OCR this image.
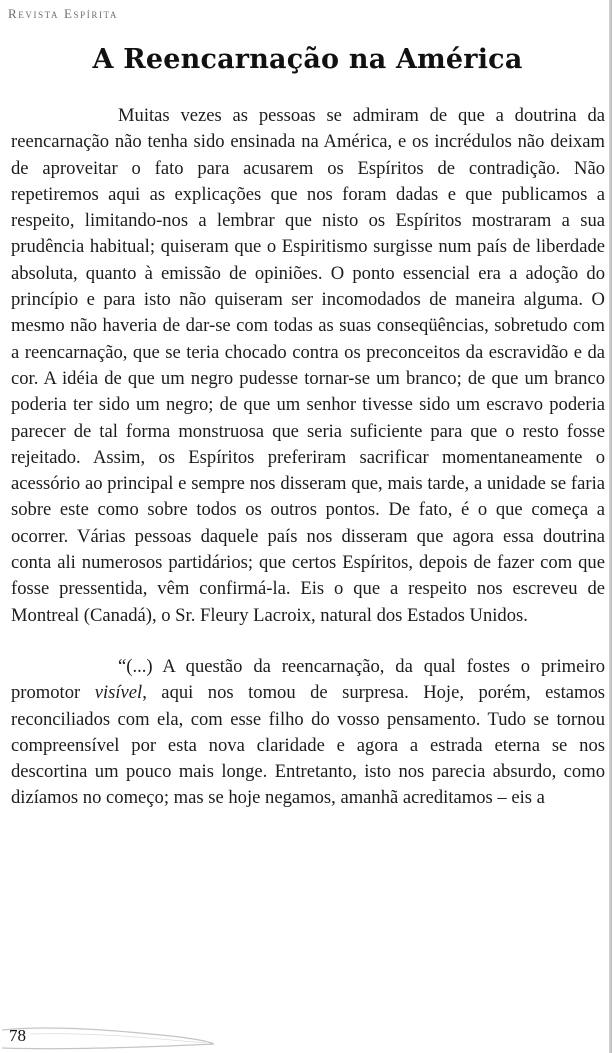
Revista Espírita
A Reencarnação na América

Muitas vezes as pessoas se admiram de que a doutrina da reencarnação não tenha sido ensinada na América, e os incrédulos não deixam de aproveitar o fato para acusarem os Espíritos de contradição. Não repetiremos aqui as explicações que nos foram dadas e que publicamos a respeito, limitando-nos a lembrar que nisto os Espíritos mostraram a sua prudência habitual; quiseram que o Espiritismo surgisse num país de liberdade absoluta, quanto à emissão de opiniões. O ponto essencial era a adoção do princípio e para isto não quiseram ser incomodados de maneira alguma. O mesmo não haveria de dar-se com todas as suas conseqüências, sobretudo com a reencarnação, que se teria chocado contra os preconceitos da escravidão e da cor. A idéia de que um negro pudesse tornar-se um branco; de que um branco poderia ter sido um negro; de que um senhor tivesse sido um escravo poderia parecer de tal forma monstruosa que seria suficiente para que o resto fosse rejeitado. Assim, os Espíritos preferiram sacrificar momentaneamente o acessório ao principal e sempre nos disseram que, mais tarde, a unidade se faria sobre este como sobre todos os outros pontos. De fato, é o que começa a ocorrer. Várias pessoas daquele país nos disseram que agora essa doutrina conta ali numerosos partidários; que certos Espíritos, depois de fazer com que fosse pressentida, vêm confirmá-la. Eis o que a respeito nos escreveu de Montreal (Canadá), o Sr. Fleury Lacroix, natural dos Estados Unidos.

“(...) A questão da reencarnação, da qual fostes o primeiro promotor visível, aqui nos tomou de surpresa. Hoje, porém, estamos reconciliados com ela, com esse filho do vosso pensamento. Tudo se tornou compreensível por esta nova claridade e agora a estrada eterna se nos descortina um pouco mais longe. Entretanto, isto nos parecia absurdo, como dizíamos no começo; mas se hoje negamos, amanhã acreditamos – eis a

78
